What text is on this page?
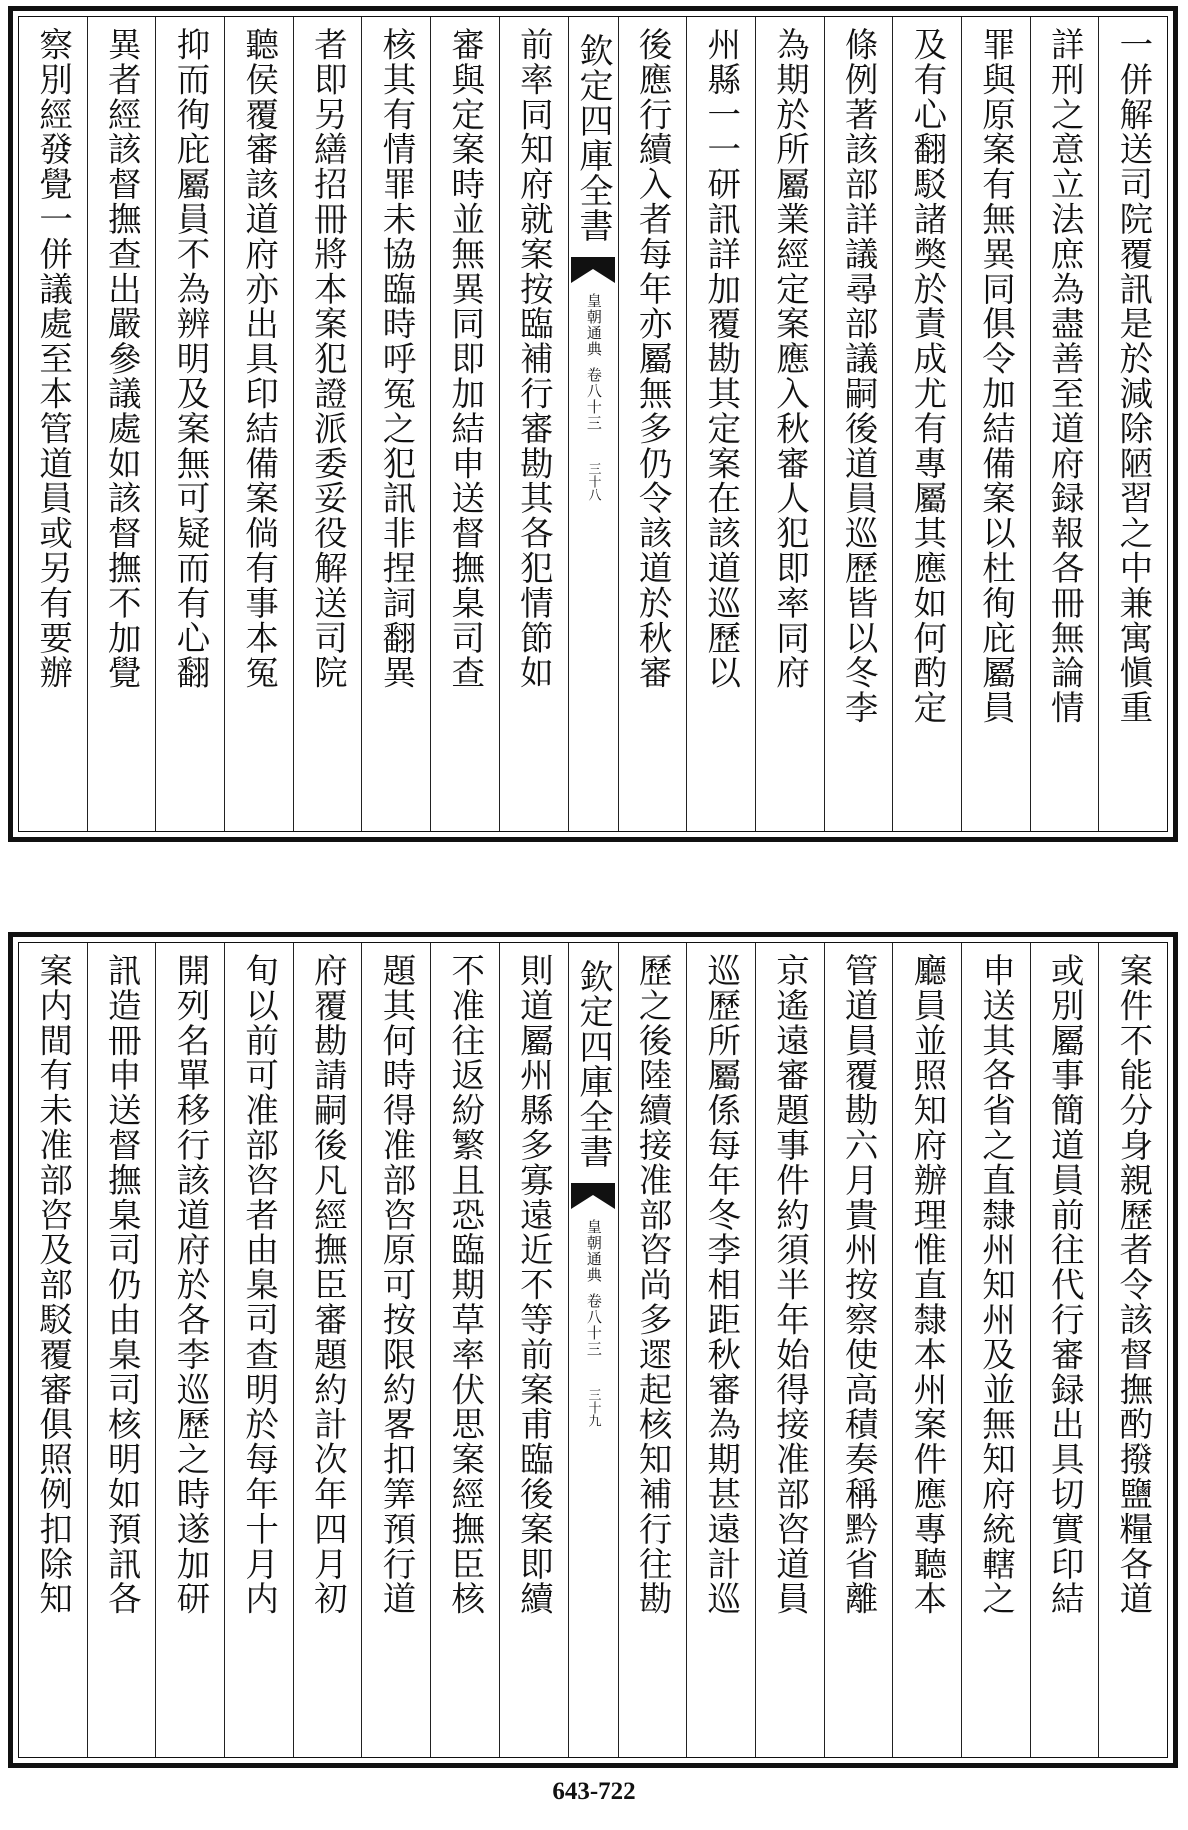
一併解送司院覆訊是於減除陋習之中兼寓愼重
詳刑之意立法庶為盡善至道府録報各冊無論情
罪與原案有無異同俱令加結備案以杜徇庇屬員
及有心翻駁諸獘於責成尤有專屬其應如何酌定
條例著該部詳議尋部議嗣後道員巡歷皆以冬李
為期於所屬業經定案應入秋審人犯即率同府
州縣一一研訊詳加覆勘其定案在該道巡歷以
後應行續入者每年亦屬無多仍令該道於秋審
欽定四庫全書
皇朝通典
卷八十三
三十八
前率同知府就案按臨補行審勘其各犯情節如
審與定案時並無異同即加結申送督撫臬司查
核其有情罪未協臨時呼冤之犯訊非捏詞翻異
者即另繕招冊將本案犯證派委妥役解送司院
聽侯覆審該道府亦出具印結備案倘有事本冤
抑而徇庇屬員不為辨明及案無可疑而有心翻
異者經該督撫查出嚴參議處如該督撫不加覺
察別經發覺一併議處至本管道員或另有要辦
案件不能分身親歷者令該督撫酌撥鹽糧各道
或別屬事簡道員前往代行審録出具切實印結
申送其各省之直隸州知州及並無知府統轄之
廳員並照知府辦理惟直隸本州案件應專聽本
管道員覆勘六月貴州按察使高積奏稱黔省離
京遙遠審題事件約須半年始得接准部咨道員
巡歷所屬係每年冬李相距秋審為期甚遠計巡
歷之後陸續接准部咨尚多遝起核知補行往勘
欽定四庫全書
皇朝通典
卷八十三
三十九
則道屬州縣多寡遠近不等前案甫臨後案即續
不准往返紛繁且恐臨期草率伏思案經撫臣核
題其何時得准部咨原可按限約畧扣筭預行道
府覆勘請嗣後凡經撫臣審題約計次年四月初
旬以前可准部咨者由臬司查明於每年十月内
開列名單移行該道府於各李巡歷之時遂加研
訊造冊申送督撫臬司仍由臬司核明如預訊各
案内間有未准部咨及部駁覆審俱照例扣除知
643-722
